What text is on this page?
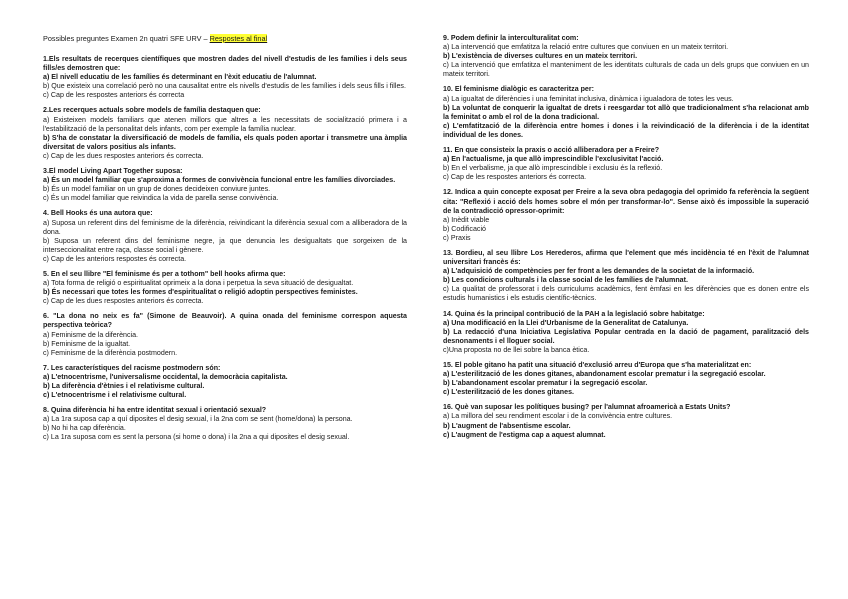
Possibles preguntes Examen 2n quatri SFE URV – Respostes al final
1.Els resultats de recerques científiques que mostren dades del nivell d'estudis de les famílies i dels seus fills/es demostren que:
a) El nivell educatiu de les famílies és determinant en l'èxit educatiu de l'alumnat.
b) Que existeix una correlació però no una causalitat entre els nivells d'estudis de les famílies i dels seus fills i filles.
c) Cap de les respostes anteriors és correcta
2.Les recerques actuals sobre models de família destaquen que:
a) Existeixen models familiars que atenen millors que altres a les necessitats de socialització primera i a l'estabilització de la personalitat dels infants, com per exemple la família nuclear.
b) S'ha de constatar la diversificació de models de família, els quals poden aportar i transmetre una àmplia diversitat de valors positius als infants.
c) Cap de les dues respostes anteriors és correcta.
3.El model Living Apart Together suposa:
a) És un model familiar que s'aproxima a formes de convivència funcional entre les famílies divorciades.
b) És un model familiar on un grup de dones decideixen conviure juntes.
c) És un model familiar que reivindica la vida de parella sense convivència.
4. Bell Hooks és una autora que:
a) Suposa un referent dins del feminisme de la diferència, reivindicant la diferència sexual com a alliberadora de la dona.
b) Suposa un referent dins del feminisme negre, ja que denuncia les desigualtats que sorgeixen de la interseccionalitat entre raça, classe social i gènere.
c) Cap de les anteriors respostes és correcta.
5. En el seu llibre "El feminisme és per a tothom" bell hooks afirma que:
a) Tota forma de religió o espiritualitat oprimeix a la dona i perpetua la seva situació de desigualtat.
b) És necessari que totes les formes d'espiritualitat o religió adoptin perspectives feministes.
c) Cap de les dues respostes anteriors és correcta.
6. "La dona no neix es fa" (Simone de Beauvoir). A quina onada del feminisme correspon aquesta perspectiva teòrica?
a) Feminisme de la diferència.
b) Feminisme de la igualtat.
c) Feminisme de la diferència postmodern.
7. Les característiques del racisme postmodern són:
a) L'etnocentrisme, l'universalisme occidental, la democràcia capitalista.
b) La diferència d'ètnies i el relativisme cultural.
c) L'etnocentrisme i el relativisme cultural.
8. Quina diferència hi ha entre identitat sexual i orientació sexual?
a) La 1ra suposa cap a quí diposites el desig sexual, i la 2na com se sent (home/dona) la persona.
b) No hi ha cap diferència.
c) La 1ra suposa com es sent la persona (si home o dona) i la 2na a qui diposites el desig sexual.
9. Podem definir la interculturalitat com:
a) La intervenció que emfatitza la relació entre cultures que conviuen en un mateix territori.
b) L'existència de diverses cultures en un mateix territori.
c) La intervenció que emfatitza el manteniment de les identitats culturals de cada un dels grups que conviuen en un mateix territori.
10. El feminisme dialògic es caracteritza per:
a) La igualtat de diferències i una feminitat inclusiva, dinàmica i igualadora de totes les veus.
b) La voluntat de conquerir la igualtat de drets i reesgardar tot allò que tradicionalment s'ha relacionat amb la feminitat o amb el rol de la dona tradicional.
c) L'emfatització de la diferència entre homes i dones i la reivindicació de la diferència i de la identitat individual de les dones.
11. En que consisteix la praxis o acció alliberadora per a Freire?
a) En l'actualisme, ja que allò imprescindible l'exclusivitat l'acció.
b) En el verbalisme, ja que allò imprescindible i exclusiu és la reflexió.
c) Cap de les respostes anteriors és correcta.
12. Indica a quin concepte exposat per Freire a la seva obra pedagogia del oprimido fa referència la següent cita: "Reflexió i acció dels homes sobre el món per transformar-lo". Sense això és impossible la superació de la contradicció opressor-oprimit:
a) Inèdit viable
b) Codificació
c) Praxis
13. Bordieu, al seu llibre Los Herederos, afirma que l'element que més incidència té en l'èxit de l'alumnat universitari francès és:
a) L'adquisició de competències per fer front a les demandes de la societat de la informació.
b) Les condicions culturals i la classe social de les famílies de l'alumnat.
c) La qualitat de professorat i dels curriculums acadèmics, fent èmfasi en les diferències que es donen entre els estudis humanistics i els estudis científic-tècnics.
14. Quina és la principal contribució de la PAH a la legislació sobre habitatge:
a) Una modificació en la Llei d'Urbanisme de la Generalitat de Catalunya.
b) La redacció d'una Iniciativa Legislativa Popular centrada en la dació de pagament, paralització dels desnonaments i el lloguer social.
c)Una proposta no de llei sobre la banca ètica.
15. El poble gitano ha patit una situació d'exclusió arreu d'Europa que s'ha materialitzat en:
a) L'esterilització de les dones gitanes, abandonament escolar prematur i la segregació escolar.
b) L'abandonament escolar prematur i la segregació escolar.
c) L'esterilització de les dones gitanes.
16. Què van suposar les polítiques busing? per l'alumnat afroamericà a Estats Units?
a) La millora del seu rendiment escolar i de la convivència entre cultures.
b) L'augment de l'absentisme escolar.
c) L'augment de l'estigma cap a aquest alumnat.
